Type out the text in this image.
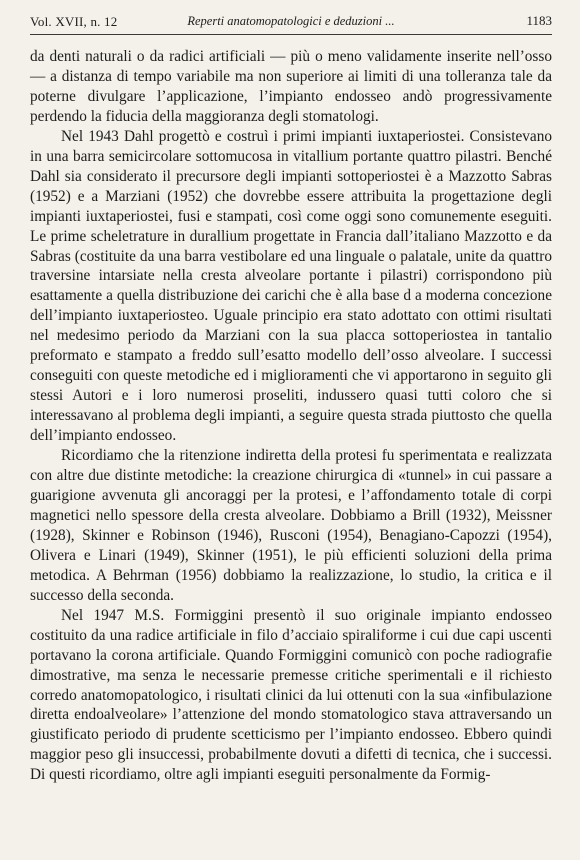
Vol. XVII, n. 12	Reperti anatomopatologici e deduzioni ...	1183

da denti naturali o da radici artificiali — più o meno validamente inserite nell’osso — a distanza di tempo variabile ma non superiore ai limiti di una tolleranza tale da poterne divulgare l’applicazione, l’impianto endosseo andò progressivamente perdendo la fiducia della maggioranza degli stomatologi.

Nel 1943 Dahl progettò e costruì i primi impianti iuxtaperiostei. Consistevano in una barra semicircolare sottomucosa in vitallium portante quattro pilastri. Benché Dahl sia considerato il precursore degli impianti sottoperiostei è a Mazzotto Sabras (1952) e a Marziani (1952) che dovrebbe essere attribuita la progettazione degli impianti iuxtaperiostei, fusi e stampati, così come oggi sono comunemente eseguiti. Le prime scheletrature in durallium progettate in Francia dall’italiano Mazzotto e da Sabras (costituite da una barra vestibolare ed una linguale o palatale, unite da quattro traversine intarsiate nella cresta alveolare portante i pilastri) corrispondono più esattamente a quella distribuzione dei carichi che è alla base d a moderna concezione dell’impianto iuxtaperiosteo. Uguale principio era stato adottato con ottimi risultati nel medesimo periodo da Marziani con la sua placca sottoperiostea in tantalio preformato e stampato a freddo sull’esatto modello dell’osso alveolare. I successi conseguiti con queste metodiche ed i miglioramenti che vi apportarono in seguito gli stessi Autori e i loro numerosi proseliti, indussero quasi tutti coloro che si interessavano al problema degli impianti, a seguire questa strada piuttosto che quella dell’impianto endosseo.

Ricordiamo che la ritenzione indiretta della protesi fu sperimentata e realizzata con altre due distinte metodiche: la creazione chirurgica di «tunnel» in cui passare a guarigione avvenuta gli ancoraggi per la protesi, e l’affondamento totale di corpi magnetici nello spessore della cresta alveolare. Dobbiamo a Brill (1932), Meissner (1928), Skinner e Robinson (1946), Rusconi (1954), Benagiano-Capozzi (1954), Olivera e Linari (1949), Skinner (1951), le più efficienti soluzioni della prima metodica. A Behrman (1956) dobbiamo la realizzazione, lo studio, la critica e il successo della seconda.

Nel 1947 M.S. Formiggini presentò il suo originale impianto endosseo costituito da una radice artificiale in filo d’acciaio spiraliforme i cui due capi uscenti portavano la corona artificiale. Quando Formiggini comunicò con poche radiografie dimostrative, ma senza le necessarie premesse critiche sperimentali e il richiesto corredo anatomopatologico, i risultati clinici da lui ottenuti con la sua «infibulazione diretta endoalveolare» l’attenzione del mondo stomatologico stava attraversando un giustificato periodo di prudente scetticismo per l’impianto endosseo. Ebbero quindi maggior peso gli insuccessi, probabilmente dovuti a difetti di tecnica, che i successi. Di questi ricordiamo, oltre agli impianti eseguiti personalmente da Formig-
